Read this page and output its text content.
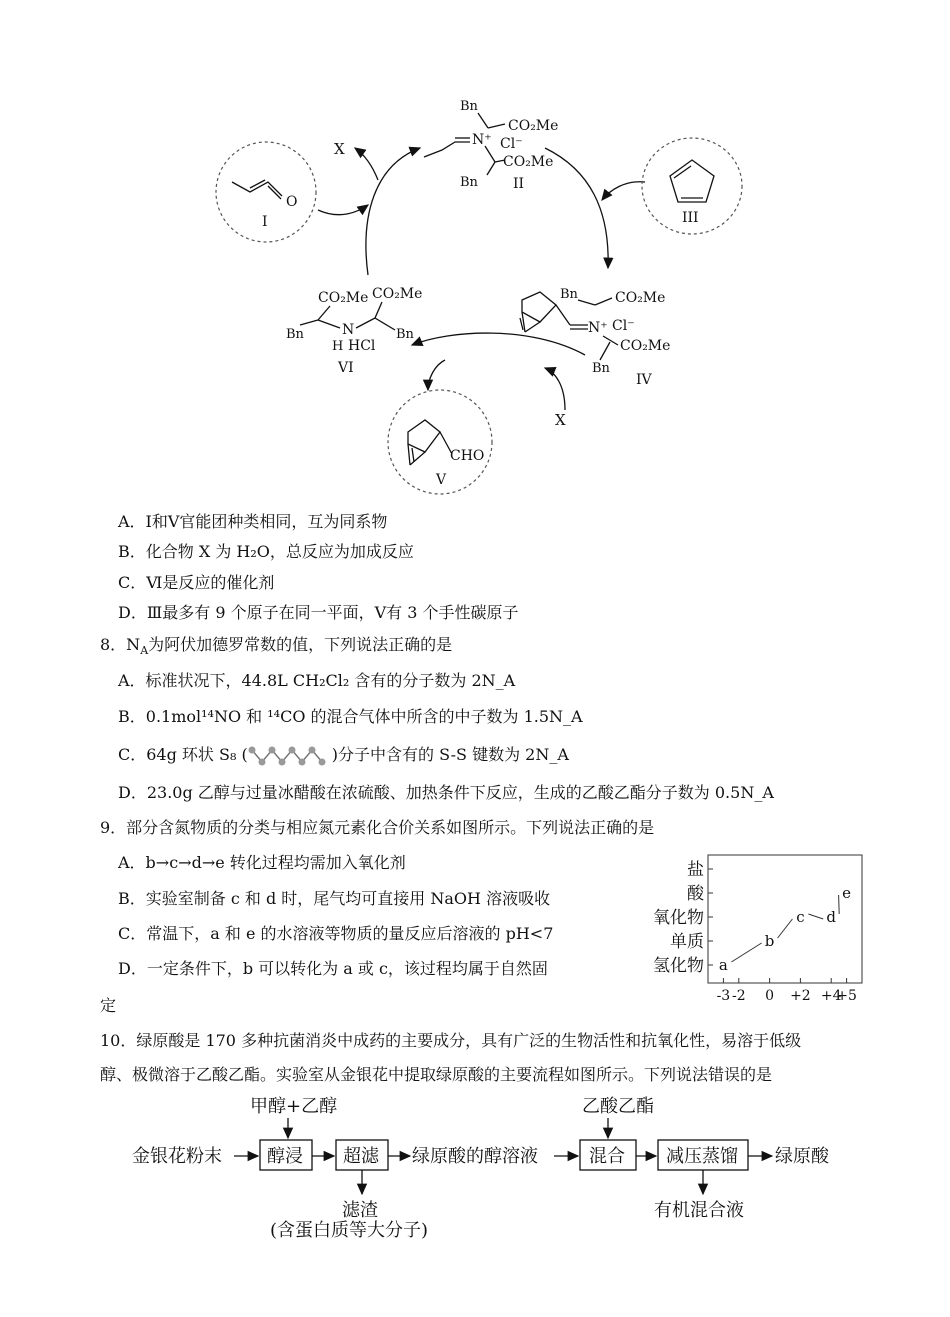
X
X
O
I
N⁺
Bn
CO₂Me
Cl⁻
CO₂Me
Bn	II
III
N⁺
Bn	CO₂Me
Cl⁻
CO₂Me
Bn
IV
CHO
V
CO₂Me CO₂Me
Bn	N
H
Bn
HCl
VI
A．Ⅰ和Ⅴ官能团种类相同，互为同系物
B．化合物 X 为 H₂O，总反应为加成反应
C．Ⅵ是反应的催化剂
D．Ⅲ最多有 9 个原子在同一平面，Ⅴ有 3 个手性碳原子
8．$N_A$为阿伏加德罗常数的值，下列说法正确的是
A．标准状况下，44.8L CH₂Cl₂ 含有的分子数为 2N_A
B．0.1mol¹⁴NO 和 ¹⁴CO 的混合气体中所含的中子数为 1.5N_A
C．64g 环状 S₈ (	)分子中含有的 S-S 键数为 2N_A
D．23.0g 乙醇与过量冰醋酸在浓硫酸、加热条件下反应，生成的乙酸乙酯分子数为 0.5N_A
9．部分含氮物质的分类与相应氮元素化合价关系如图所示。下列说法正确的是
A．b→c→d→e 转化过程均需加入氧化剂
B．实验室制备 c 和 d 时，尾气均可直接用 NaOH 溶液吸收
C．常温下，a 和 e 的水溶液等物质的量反应后溶液的 pH<7
D．一定条件下，b 可以转化为 a 或 c，该过程均属于自然固
定
氢化物
单质
氧化物
酸
盐
-3 -2 0 +2 +4
+5
a
b
c d
e
10．绿原酸是 170 多种抗菌消炎中成药的主要成分，具有广泛的生物活性和抗氧化性，易溶于低级
醇、极微溶于乙酸乙酯。实验室从金银花中提取绿原酸的主要流程如图所示。下列说法错误的是
甲醇+乙醇	乙酸乙酯
金银花粉末	醇浸 超滤
滤渣
(含蛋白质等大分子)
绿原酸的醇溶液	混合 减压蒸馏
有机混合液
绿原酸
